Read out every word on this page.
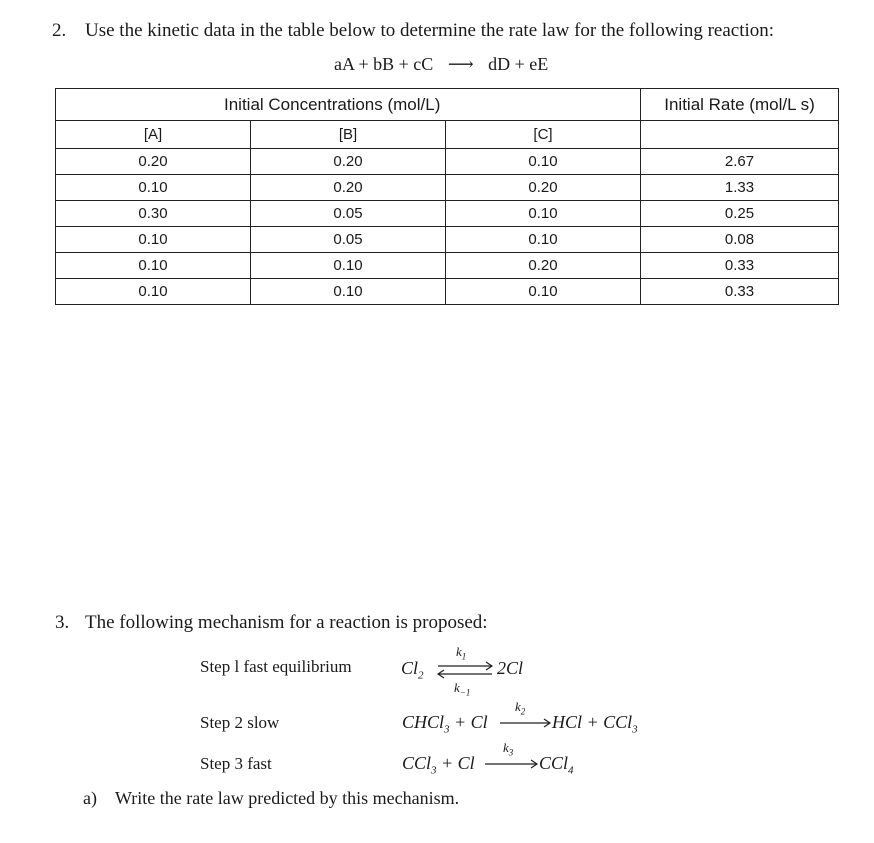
2. Use the kinetic data in the table below to determine the rate law for the following reaction:
aA + bB + cC ⟶ dD + eE
Initial Concentrations (mol/L)			Initial Rate (mol/L s)
[A]	[B]	[C]	
0.20	0.20	0.10	2.67
0.10	0.20	0.20	1.33
0.30	0.05	0.10	0.25
0.10	0.05	0.10	0.08
0.10	0.10	0.20	0.33
0.10	0.10	0.10	0.33
3. The following mechanism for a reaction is proposed:
Step l fast equilibrium	$Cl_2$ ⇌
$k_1$
$k_{-1}$
2Cl
Step 2 slow	CHCl$_3$ + Cl
$k_2$
HCl + CCl$_3$
Step 3 fast	CCl$_3$ + Cl
$k_3$
CCl$_4$
a) Write the rate law predicted by this mechanism.
